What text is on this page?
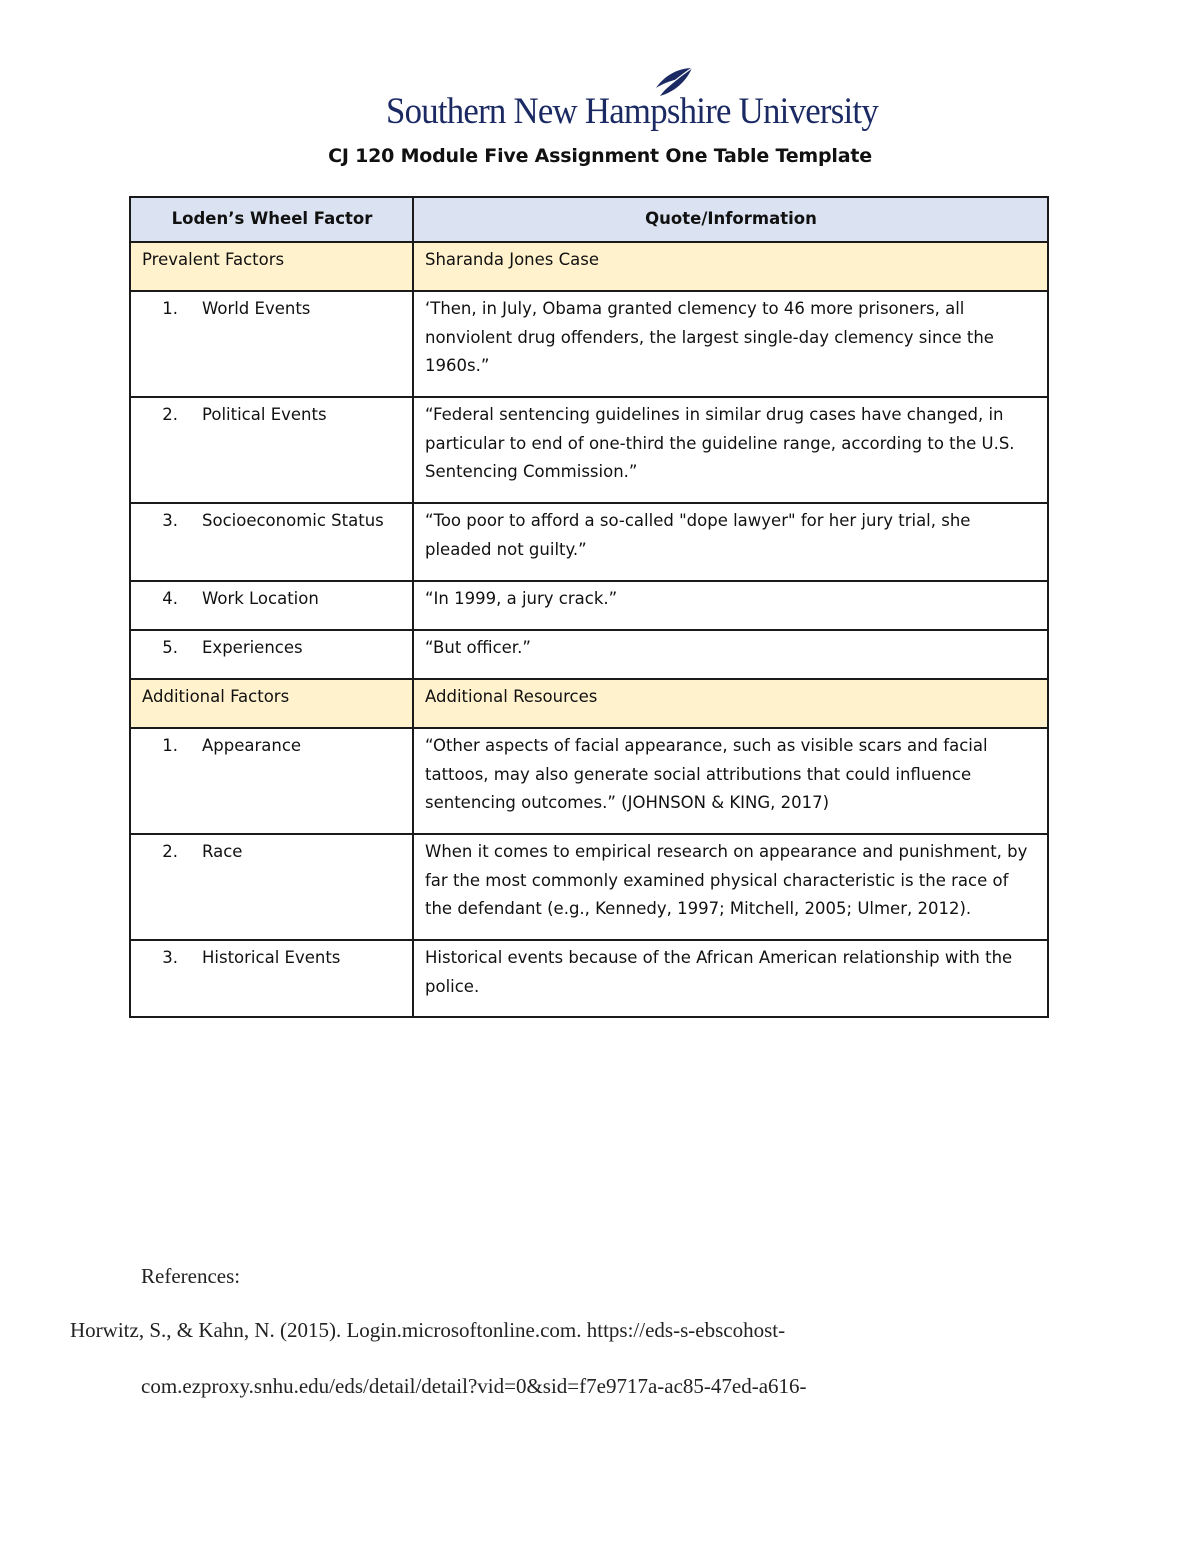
Southern New Hampshire University
CJ 120 Module Five Assignment One Table Template
Loden’s Wheel Factor	Quote/Information
Prevalent Factors	Sharanda Jones Case

1. World Events	‘Then, in July, Obama granted clemency to 46 more prisoners, all nonviolent drug offenders, the largest single-day clemency since the 1960s.”

2. Political Events	“Federal sentencing guidelines in similar drug cases have changed, in particular to end of one-third the guideline range, according to the U.S. Sentencing Commission.”

3. Socioeconomic Status	“Too poor to afford a so-called "dope lawyer" for her jury trial, she pleaded not guilty.”

4. Work Location	“In 1999, a jury crack.”

5. Experiences	“But officer.”
Additional Factors	Additional Resources

1. Appearance	“Other aspects of facial appearance, such as visible scars and facial tattoos, may also generate social attributions that could influence sentencing outcomes.” (JOHNSON & KING, 2017)

2. Race	When it comes to empirical research on appearance and punishment, by far the most commonly examined physical characteristic is the race of the defendant (e.g., Kennedy, 1997; Mitchell, 2005; Ulmer, 2012).

3. Historical Events	Historical events because of the African American relationship with the police.
References:
Horwitz, S., & Kahn, N. (2015). Login.microsoftonline.com. https://eds-s-ebscohost-
com.ezproxy.snhu.edu/eds/detail/detail?vid=0&sid=f7e9717a-ac85-47ed-a616-
